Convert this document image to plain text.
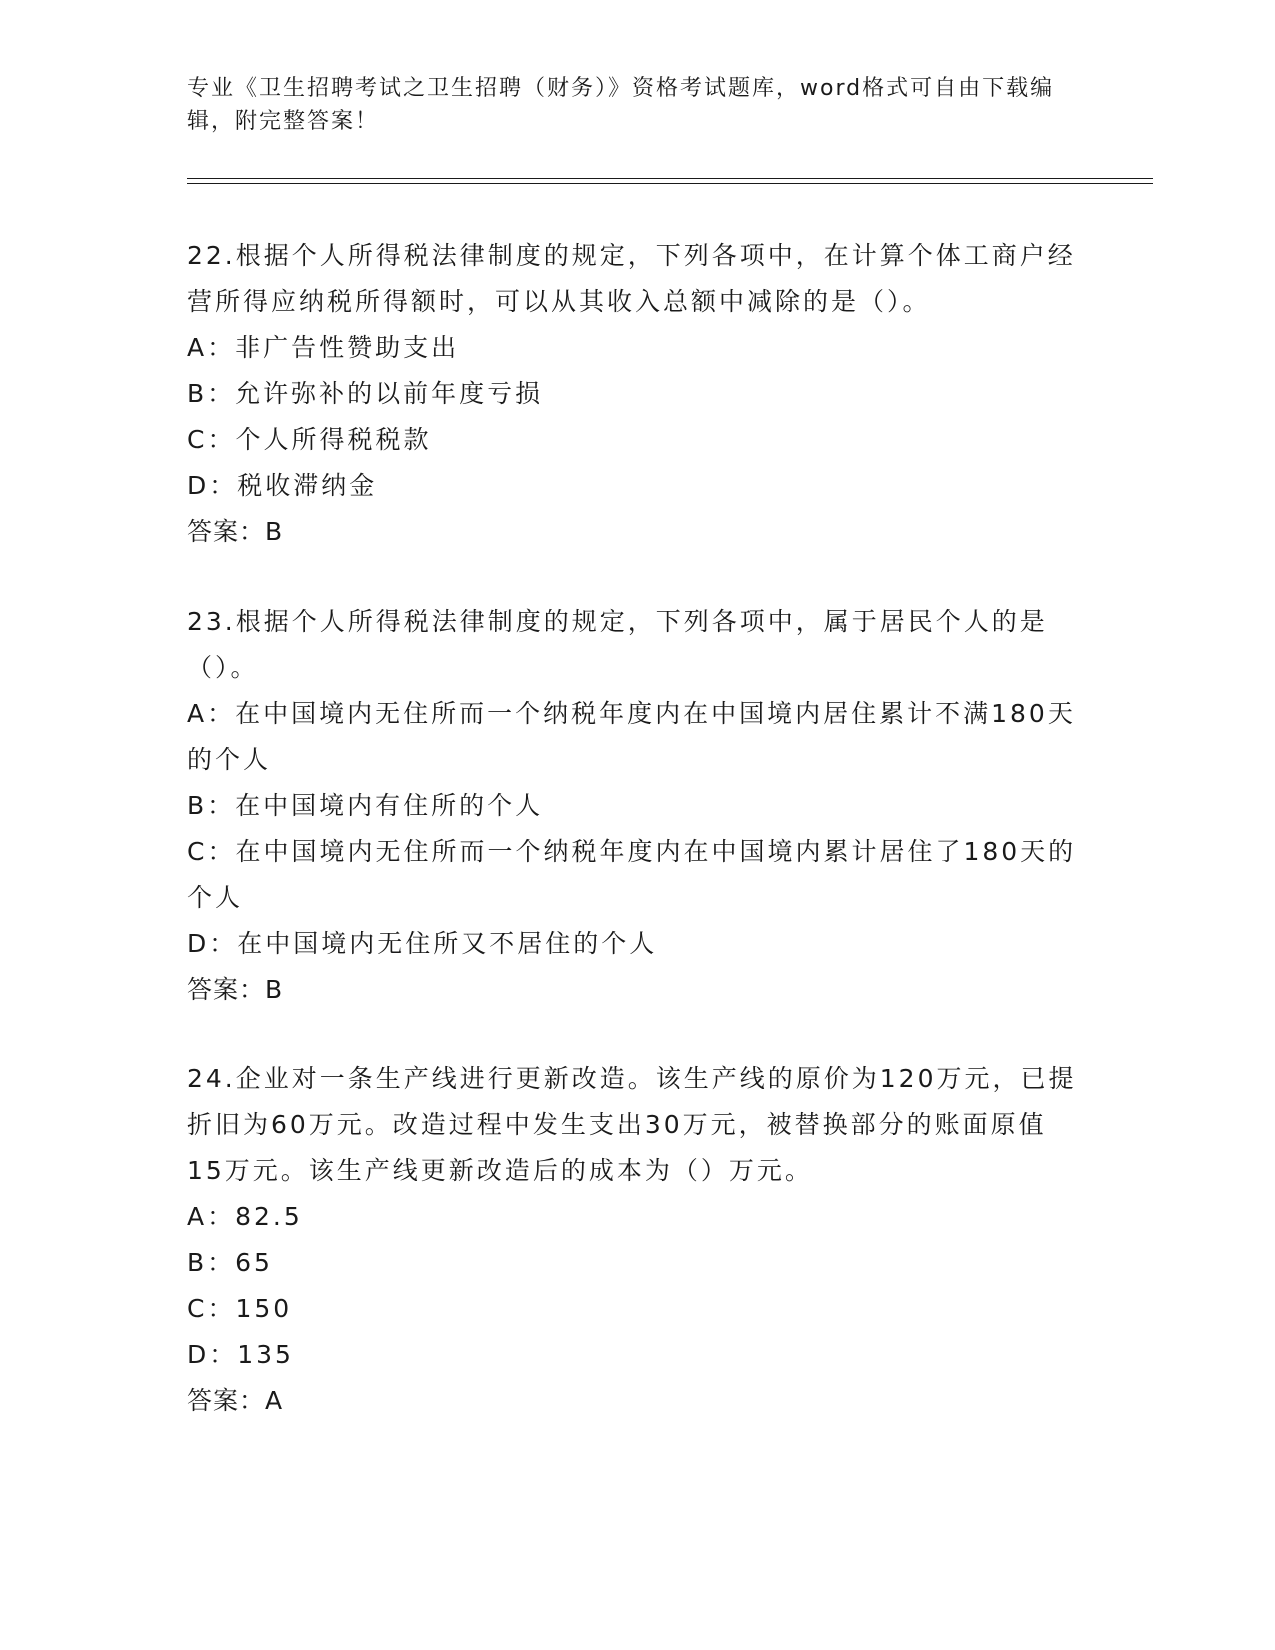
专业《卫生招聘考试之卫生招聘（财务）》资格考试题库，word格式可自由下载编辑，附完整答案！

22.根据个人所得税法律制度的规定，下列各项中，在计算个体工商户经营所得应纳税所得额时，可以从其收入总额中减除的是（）。

A：非广告性赞助支出

B：允许弥补的以前年度亏损

C：个人所得税税款

D：税收滞纳金

答案：B

23.根据个人所得税法律制度的规定，下列各项中，属于居民个人的是（）。

A：在中国境内无住所而一个纳税年度内在中国境内居住累计不满180天的个人

B：在中国境内有住所的个人

C：在中国境内无住所而一个纳税年度内在中国境内累计居住了180天的个人

D：在中国境内无住所又不居住的个人

答案：B

24.企业对一条生产线进行更新改造。该生产线的原价为120万元，已提折旧为60万元。改造过程中发生支出30万元，被替换部分的账面原值15万元。该生产线更新改造后的成本为（）万元。

A：82.5

B：65

C：150

D：135

答案：A
